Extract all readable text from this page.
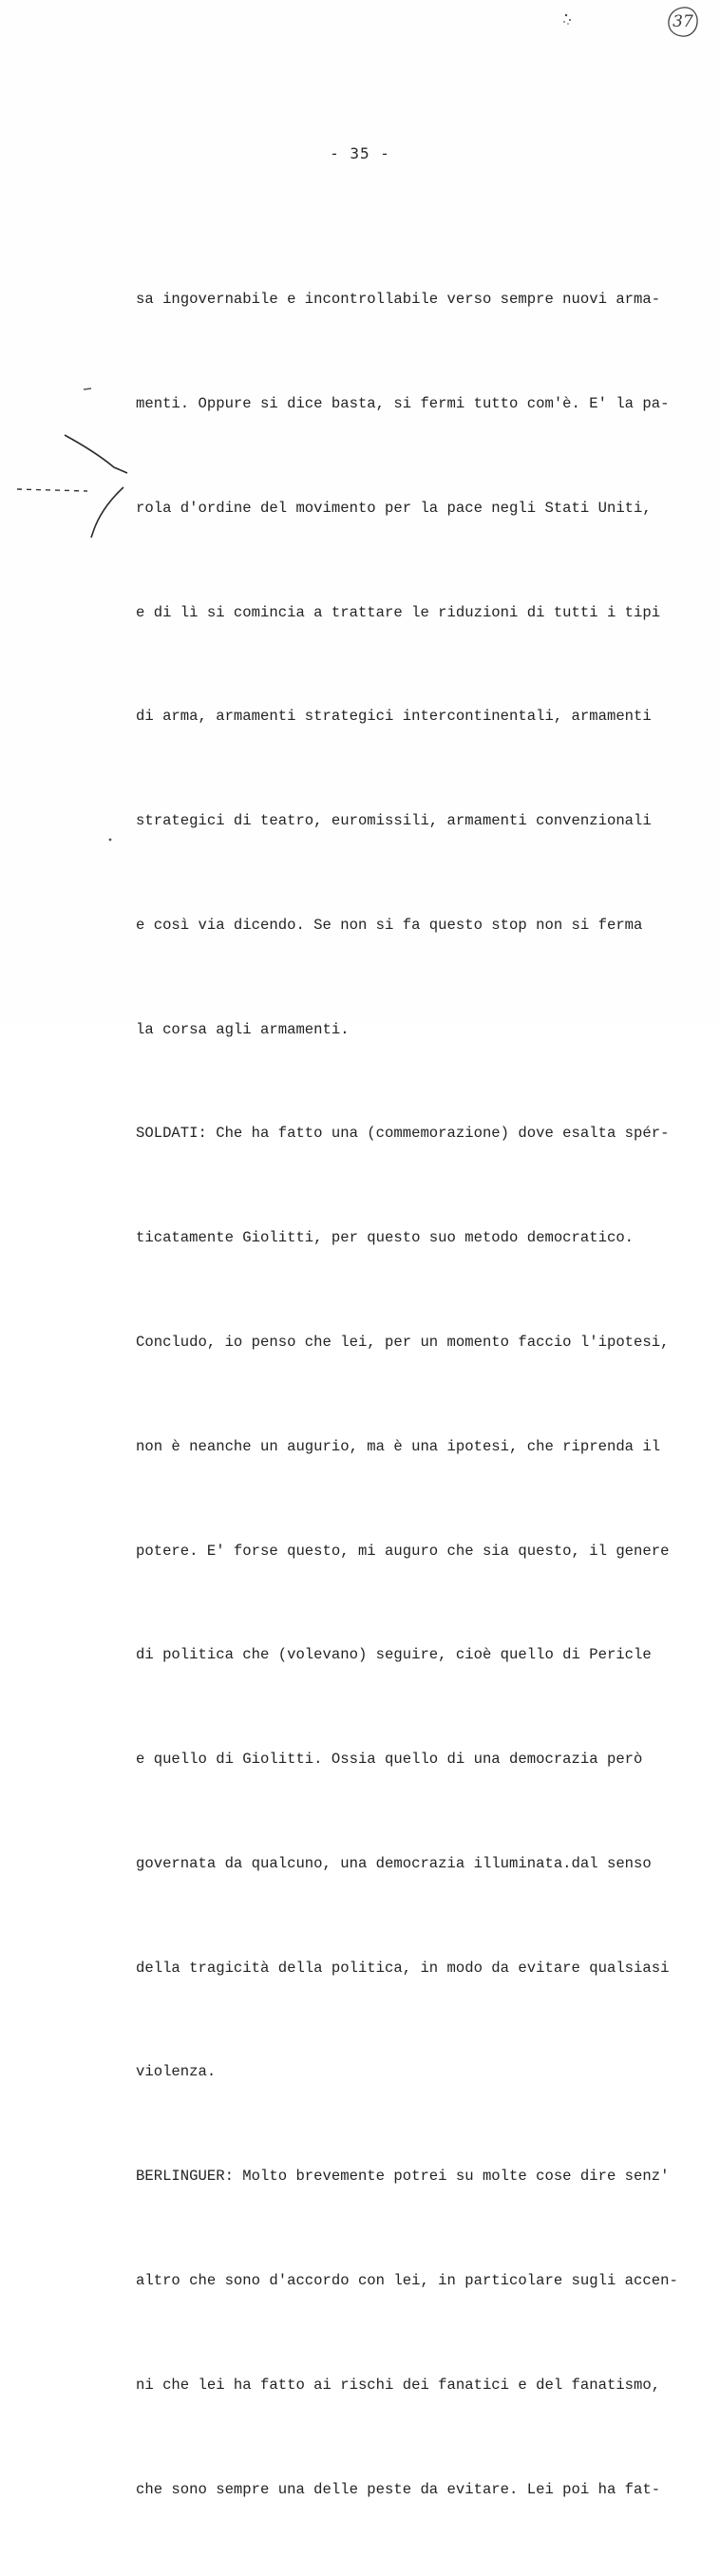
37
- 35 -

sa ingovernabile e incontrollabile verso sempre nuovi arma-

menti. Oppure si dice basta, si fermi tutto com'è. E' la pa-

rola d'ordine del movimento per la pace negli Stati Uniti,

e di lì si comincia a trattare le riduzioni di tutti i tipi

di arma, armamenti strategici intercontinentali, armamenti

strategici di teatro, euromissili, armamenti convenzionali

e così via dicendo. Se non si fa questo stop non si ferma

la corsa agli armamenti.

SOLDATI: Che ha fatto una (commemorazione) dove esalta spér-

ticatamente Giolitti, per questo suo metodo democratico.

Concludo, io penso che lei, per un momento faccio l'ipotesi,

non è neanche un augurio, ma è una ipotesi, che riprenda il

potere. E' forse questo, mi auguro che sia questo, il genere

di politica che (volevano) seguire, cioè quello di Pericle

e quello di Giolitti. Ossia quello di una democrazia però

governata da qualcuno, una democrazia illuminata.dal senso

della tragicità della politica, in modo da evitare qualsiasi

violenza.

BERLINGUER: Molto brevemente potrei su molte cose dire senz'

altro che sono d'accordo con lei, in particolare sugli accen-

ni che lei ha fatto ai rischi dei fanatici e del fanatismo,

che sono sempre una delle peste da evitare. Lei poi ha fat-
